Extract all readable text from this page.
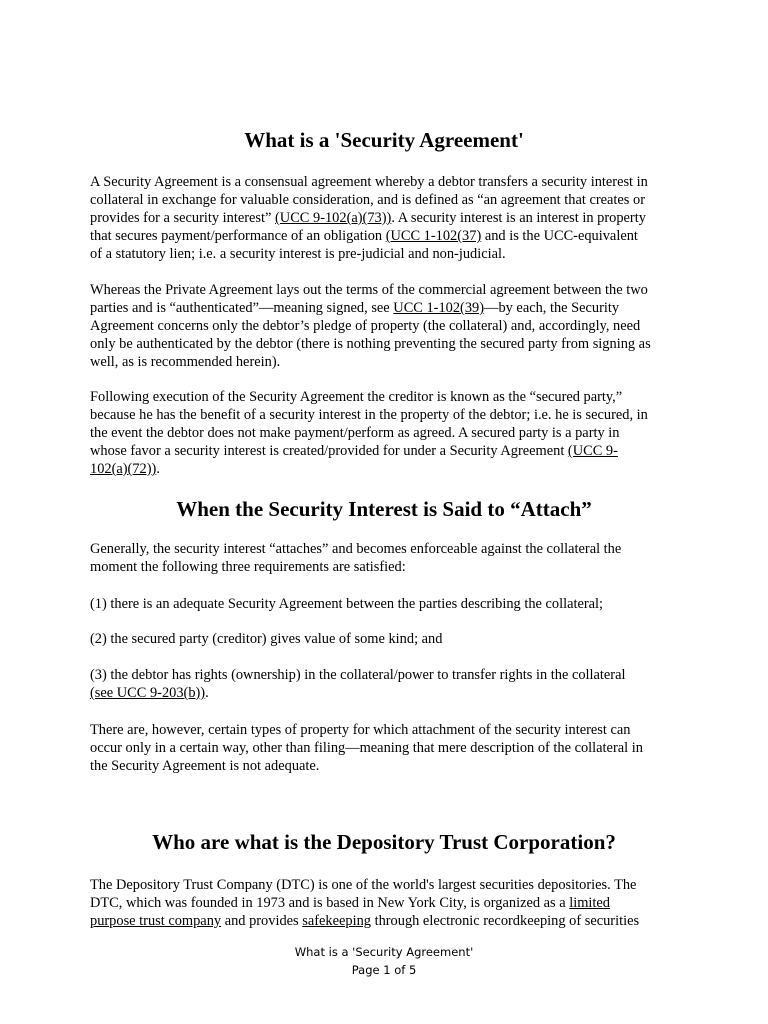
What is a 'Security Agreement'
A Security Agreement is a consensual agreement whereby a debtor transfers a security interest in
collateral in exchange for valuable consideration, and is defined as “an agreement that creates or
provides for a security interest” (UCC 9-102(a)(73)). A security interest is an interest in property
that secures payment/performance of an obligation (UCC 1-102(37) and is the UCC-equivalent
of a statutory lien; i.e. a security interest is pre-judicial and non-judicial.
Whereas the Private Agreement lays out the terms of the commercial agreement between the two
parties and is “authenticated”—meaning signed, see UCC 1-102(39)—by each, the Security
Agreement concerns only the debtor’s pledge of property (the collateral) and, accordingly, need
only be authenticated by the debtor (there is nothing preventing the secured party from signing as
well, as is recommended herein).
Following execution of the Security Agreement the creditor is known as the “secured party,”
because he has the benefit of a security interest in the property of the debtor; i.e. he is secured, in
the event the debtor does not make payment/perform as agreed. A secured party is a party in
whose favor a security interest is created/provided for under a Security Agreement (UCC 9-
102(a)(72)).
When the Security Interest is Said to “Attach”
Generally, the security interest “attaches” and becomes enforceable against the collateral the
moment the following three requirements are satisfied:
(1) there is an adequate Security Agreement between the parties describing the collateral;
(2) the secured party (creditor) gives value of some kind; and
(3) the debtor has rights (ownership) in the collateral/power to transfer rights in the collateral
(see UCC 9-203(b)).
There are, however, certain types of property for which attachment of the security interest can
occur only in a certain way, other than filing—meaning that mere description of the collateral in
the Security Agreement is not adequate.
Who are what is the Depository Trust Corporation?
The Depository Trust Company (DTC) is one of the world's largest securities depositories. The
DTC, which was founded in 1973 and is based in New York City, is organized as a limited
purpose trust company and provides safekeeping through electronic recordkeeping of securities
What is a 'Security Agreement'
Page 1 of 5
